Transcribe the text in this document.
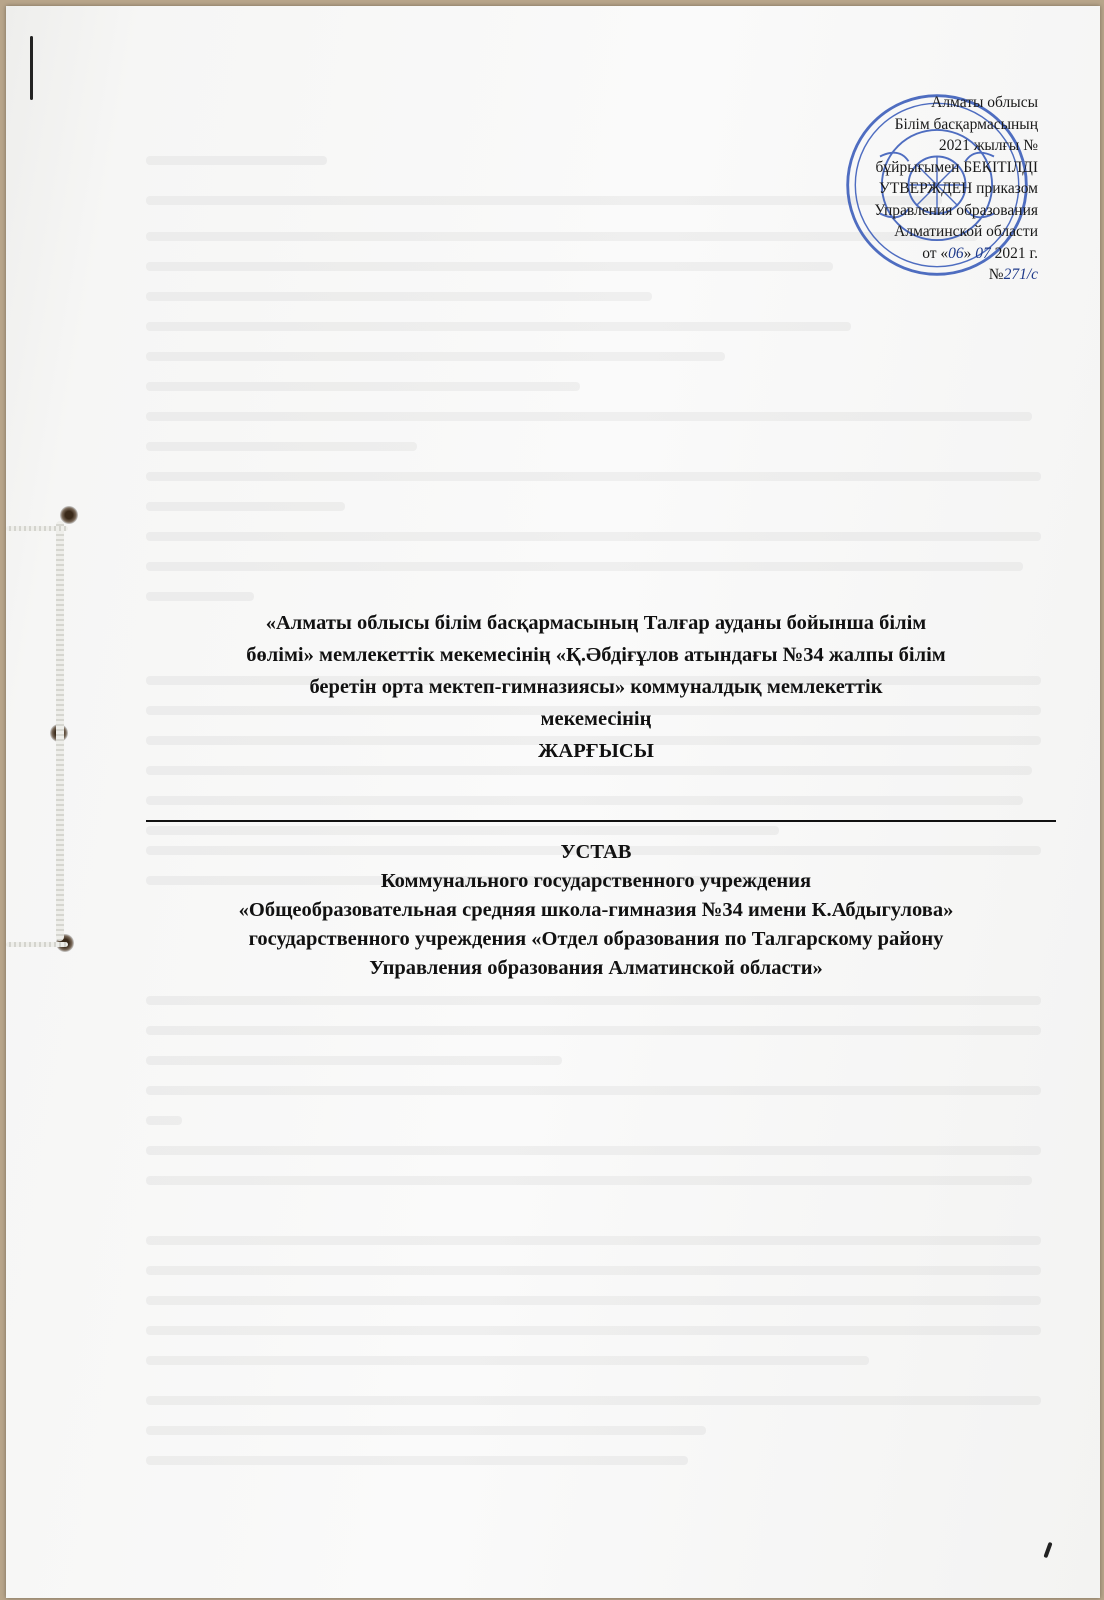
Алматы облысы
Білім басқармасының
2021 жылғы №
бұйрығымен БЕКІТІЛДІ
УТВЕРЖДЕН приказом
Управления образования
Алматинской области
от «06» 07 2021 г.
№271/с
«Алматы облысы білім басқармасының Талғар ауданы бойынша білім
бөлімі» мемлекеттік мекемесінің «Қ.Әбдіғұлов атындағы №34 жалпы білім
беретін орта мектеп-гимназиясы» коммуналдық мемлекеттік
мекемесінің
ЖАРҒЫСЫ
УСТАВ
Коммунального государственного учреждения
«Общеобразовательная средняя школа-гимназия №34 имени К.Абдыгулова»
государственного учреждения «Отдел образования по Талгарскому району
Управления образования Алматинской области»
